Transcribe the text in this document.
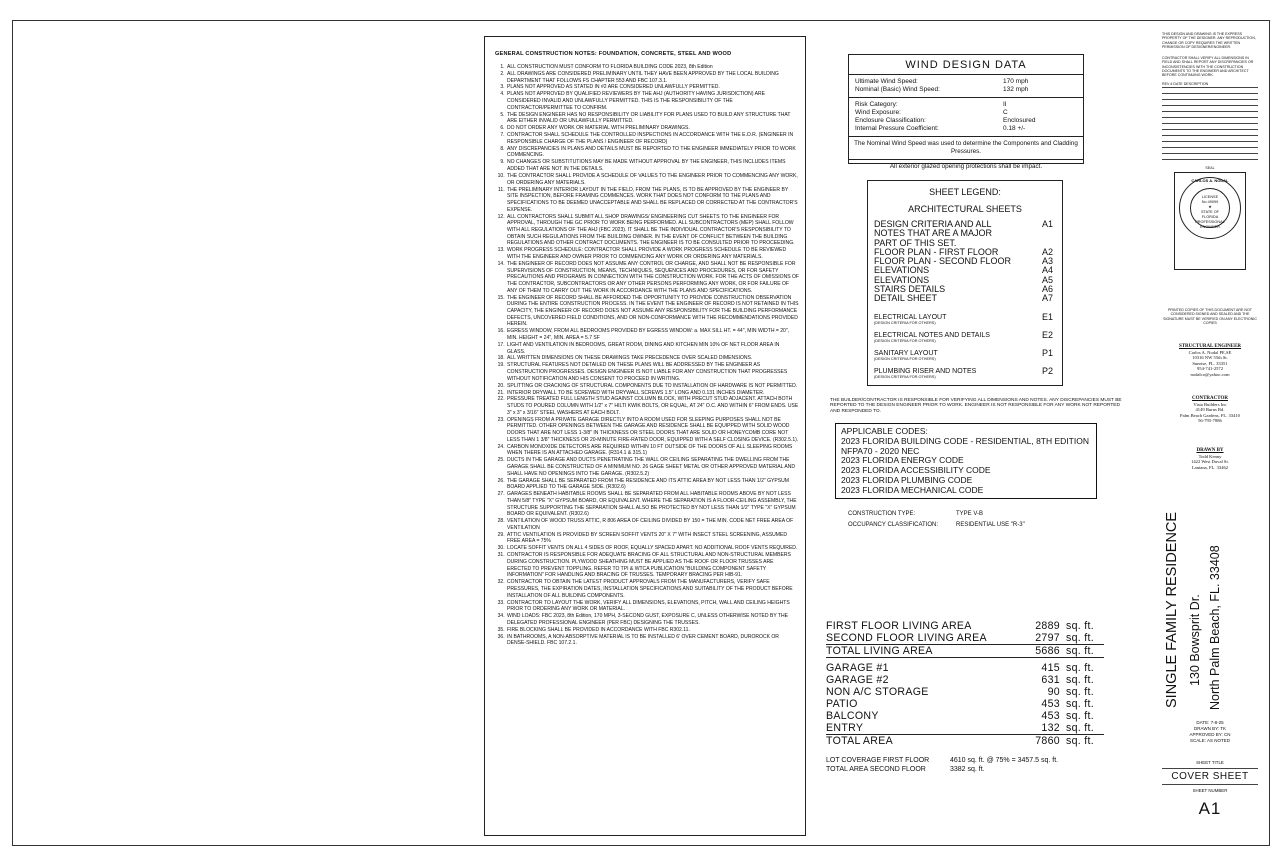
GENERAL CONSTRUCTION NOTES: FOUNDATION, CONCRETE, STEEL AND WOOD
1. ALL CONSTRUCTION MUST CONFORM TO FLORIDA BUILDING CODE 2023, 8th Edition
2. ALL DRAWINGS ARE CONSIDERED PRELIMINARY UNTIL THEY HAVE BEEN APPROVED BY THE LOCAL BUILDING DEPARTMENT THAT FOLLOWS FS CHAPTER 553 AND FBC 107.3.1.
3. PLANS NOT APPROVED AS STATED IN #2 ARE CONSIDERED UNLAWFULLY PERMITTED.
4. PLANS NOT APPROVED BY QUALIFIED REVIEWERS BY THE AHJ (AUTHORITY HAVING JURISDICTION) ARE CONSIDERED INVALID AND UNLAWFULLY PERMITTED. THIS IS THE RESPONSIBILITY OF THE CONTRACTOR/PERMITTEE TO CONFIRM.
5. THE DESIGN ENGINEER HAS NO RESPONSIBILITY OR LIABILITY FOR PLANS USED TO BUILD ANY STRUCTURE THAT ARE EITHER INVALID OR UNLAWFULLY PERMITTED.
6. DO NOT ORDER ANY WORK OR MATERIAL WITH PRELIMINARY DRAWINGS.
7. CONTRACTOR SHALL SCHEDULE THE CONTROLLED INSPECTIONS IN ACCORDANCE WITH THE E.O.R. (ENGINEER IN RESPONSIBLE CHARGE OF THE PLANS / ENGINEER OF RECORD)
8. ANY DISCREPANCIES IN PLANS AND DETAILS MUST BE REPORTED TO THE ENGINEER IMMEDIATELY PRIOR TO WORK COMMENCING.
9. NO CHANGES OR SUBSTITUTIONS MAY BE MADE WITHOUT APPROVAL BY THE ENGINEER, THIS INCLUDES ITEMS ADDED THAT ARE NOT IN THE DETAILS.
10. THE CONTRACTOR SHALL PROVIDE A SCHEDULE OF VALUES TO THE ENGINEER PRIOR TO COMMENCING ANY WORK, OR ORDERING ANY MATERIALS.
11. THE PRELIMINARY INTERIOR LAYOUT IN THE FIELD, FROM THE PLANS, IS TO BE APPROVED BY THE ENGINEER BY SITE INSPECTION, BEFORE FRAMING COMMENCES. WORK THAT DOES NOT CONFORM TO THE PLANS AND SPECIFICATIONS TO BE DEEMED UNACCEPTABLE AND SHALL BE REPLACED OR CORRECTED AT THE CONTRACTOR'S EXPENSE.
12. ALL CONTRACTORS SHALL SUBMIT ALL SHOP DRAWINGS/ ENGINEERING CUT SHEETS TO THE ENGINEER FOR APPROVAL, THROUGH THE GC PRIOR TO WORK BEING PERFORMED. ALL SUBCONTRACTORS (MEP) SHALL FOLLOW WITH ALL REGULATIONS OF THE AHJ (FBC 2023). IT SHALL BE THE INDIVIDUAL CONTRACTOR'S RESPONSIBILITY TO OBTAIN SUCH REGULATIONS FROM THE BUILDING OWNER. IN THE EVENT OF CONFLICT BETWEEN THE BUILDING REGULATIONS AND OTHER CONTRACT DOCUMENTS. THE ENGINEER IS TO BE CONSULTED PRIOR TO PROCEEDING.
13. WORK PROGRESS SCHEDULE: CONTRACTOR SHALL PROVIDE A WORK PROGRESS SCHEDULE TO BE REVIEWED WITH THE ENGINEER AND OWNER PRIOR TO COMMENCING ANY WORK OR ORDERING ANY MATERIALS.
14. THE ENGINEER OF RECORD DOES NOT ASSUME ANY CONTROL OR CHARGE, AND SHALL NOT BE RESPONSIBLE FOR SUPERVISIONS OF CONSTRUCTION, MEANS, TECHNIQUES, SEQUENCES AND PROCEDURES, OR FOR SAFETY PRECAUTIONS AND PROGRAMS IN CONNECTION WITH THE CONSTRUCTION WORK. FOR THE ACTS OF OMISSIONS OF THE CONTRACTOR, SUBCONTRACTORS OR ANY OTHER PERSONS PERFORMING ANY WORK, OR FOR FAILURE OF ANY OF THEM TO CARRY OUT THE WORK IN ACCORDANCE WITH THE PLANS AND SPECIFICATIONS.
15. THE ENGINEER OF RECORD SHALL BE AFFORDED THE OPPORTUNITY TO PROVIDE CONSTRUCTION OBSERVATION DURING THE ENTIRE CONSTRUCTION PROCESS. IN THE EVENT THE ENGINEER OF RECORD IS NOT RETAINED IN THIS CAPACITY, THE ENGINEER OF RECORD DOES NOT ASSUME ANY RESPONSIBILITY FOR THE BUILDING PERFORMANCE DEFECTS, UNCOVERED FIELD CONDITIONS, AND OR NON-CONFORMANCE WITH THE RECOMMENDATIONS PROVIDED HEREIN.
16. EGRESS WINDOW, FROM ALL BEDROOMS PROVIDED BY EGRESS WINDOW: a. MAX SILL HT. = 44", MIN WIDTH = 20", MIN. HEIGHT = 24", MIN. AREA = 5.7 SF
17. LIGHT AND VENTILATION IN BEDROOMS, GREAT ROOM, DINING AND KITCHEN MIN 10% OF NET FLOOR AREA IN GLASS.
18. ALL WRITTEN DIMENSIONS ON THESE DRAWINGS TAKE PRECEDENCE OVER SCALED DIMENSIONS.
19. STRUCTURAL FEATURES NOT DETAILED ON THESE PLANS WILL BE ADDRESSED BY THE ENGINEER AS CONSTRUCTION PROGRESSES. DESIGN ENGINEER IS NOT LIABLE FOR ANY CONSTRUCTION THAT PROGRESSES WITHOUT NOTIFICATION AND HIS CONSENT TO PROCEED IN WRITING.
20. SPLITTING OR CRACKING OF STRUCTURAL COMPONENTS DUE TO INSTALLATION OF HARDWARE IS NOT PERMITTED.
21. INTERIOR DRYWALL TO BE SCREWED WITH DRYWALL SCREWS 1.5" LONG AND 0.131 INCHES DIAMETER.
22. PRESSURE TREATED FULL LENGTH STUD AGAINST COLUMN BLOCK, WITH PRECUT STUD ADJACENT. ATTACH BOTH STUDS TO POURED COLUMN WITH 1/2" x 7" HILTI KWIK BOLTS, OR EQUAL, AT 24" O.C. AND WITHIN 6" FROM ENDS. USE 3" x 3" x 3/16" STEEL WASHERS AT EACH BOLT.
23. OPENINGS FROM A PRIVATE GARAGE DIRECTLY INTO A ROOM USED FOR SLEEPING PURPOSES SHALL NOT BE PERMITTED. OTHER OPENINGS BETWEEN THE GARAGE AND RESIDENCE SHALL BE EQUIPPED WITH SOLID WOOD DOORS THAT ARE NOT LESS 1-3/8" IN THICKNESS OR STEEL DOORS THAT ARE SOLID OR HONEYCOMB CORE NOT LESS THAN 1 3/8" THICKNESS OR 20-MINUTE FIRE-RATED DOOR, EQUIPPED WITH A SELF CLOSING DEVICE. (R302.5.1).
24. CARBON MONOXIDE DETECTORS ARE REQUIRED WITHIN 10 FT OUTSIDE OF THE DOORS OF ALL SLEEPING ROOMS WHEN THERE IS AN ATTACHED GARAGE. (R314.1 & 315.1)
25. DUCTS IN THE GARAGE AND DUCTS PENETRATING THE WALL OR CEILING SEPARATING THE DWELLING FROM THE GARAGE SHALL BE CONSTRUCTED OF A MINIMUM NO. 26 GAGE SHEET METAL OR OTHER APPROVED MATERIAL AND SHALL HAVE NO OPENINGS INTO THE GARAGE. (R302.5.2)
26. THE GARAGE SHALL BE SEPARATED FROM THE RESIDENCE AND ITS ATTIC AREA BY NOT LESS THAN 1/2" GYPSUM BOARD APPLIED TO THE GARAGE SIDE. (R302.6)
27. GARAGES BENEATH HABITABLE ROOMS SHALL BE SEPARATED FROM ALL HABITABLE ROOMS ABOVE BY NOT LESS THAN 5/8" TYPE "X" GYPSUM BOARD, OR EQUIVALENT. WHERE THE SEPARATION IS A FLOOR-CEILING ASSEMBLY, THE STRUCTURE SUPPORTING THE SEPARATION SHALL ALSO BE PROTECTED BY NOT LESS THAN 1/2" TYPE "X" GYPSUM BOARD OR EQUIVALENT. (R302.6)
28. VENTILATION OF WOOD TRUSS ATTIC, R 806 AREA OF CEILING DIVIDED BY 150 = THE MIN. CODE NET FREE AREA OF VENTILATION
29. ATTIC VENTILATION IS PROVIDED BY SCREEN SOFFIT VENTS 20" X 7" WITH INSECT STEEL SCREENING, ASSUMED FREE AREA = 75%
30. LOCATE SOFFIT VENTS ON ALL 4 SIDES OF ROOF, EQUALLY SPACED APART. NO ADDITIONAL ROOF VENTS REQUIRED.
31. CONTRACTOR IS RESPONSIBLE FOR ADEQUATE BRACING OF ALL STRUCTURAL AND NON-STRUCTURAL MEMBERS DURING CONSTRUCTION. PLYWOOD SHEATHING MUST BE APPLIED AS THE ROOF OR FLOOR TRUSSES ARE ERECTED TO PREVENT TOPPLING. REFER TO TPI & WTCA PUBLICATION "BUILDING COMPONENT SAFETY INFORMATION" FOR HANDLING AND BRACING OF TRUSSES. TEMPORARY BRACING PER HIB-91.
32. CONTRACTOR TO OBTAIN THE LATEST PRODUCT APPROVALS FROM THE MANUFACTURERS, VERIFY SAFE PRESSURES, THE EXPIRATION DATES, INSTALLATION SPECIFICATIONS AND SUITABILITY OF THE PRODUCT BEFORE INSTALLATION OF ALL BUILDING COMPONENTS.
33. CONTRACTOR TO LAYOUT THE WORK, VERIFY ALL DIMENSIONS, ELEVATIONS, PITCH, WALL AND CEILING HEIGHTS PRIOR TO ORDERING ANY WORK OR MATERIAL.
34. WIND LOADS: FBC 2023, 8th Edition, 170 MPH, 3-SECOND GUST, EXPOSURE C, UNLESS OTHERWISE NOTED BY THE DELEGATED PROFESSIONAL ENGINEER (PER FBC) DESIGNING THE TRUSSES.
35. FIRE BLOCKING SHALL BE PROVIDED IN ACCORDANCE WITH FBC R302.11.
36. IN BATHROOMS, A NON-ABSORPTIVE MATERIAL IS TO BE INSTALLED 6' OVER CEMENT BOARD, DUROROCK OR DENSE-SHIELD. FBC 107.2.1.
WIND DESIGN DATA
Ultimate Wind Speed:	170 mph
Nominal (Basic) Wind Speed:	132 mph
Risk Category:	II
Wind Exposure:	C
Enclosure Classification:	Enclosured
Internal Pressure Coefficient:	0.18 +/-
The Nominal Wind Speed was used to determine the Components and Cladding Pressures.
All exterior glazed opening protections shall be impact.
SHEET LEGEND:
ARCHITECTURAL SHEETS
DESIGN CRITERIA AND ALL NOTES THAT ARE A MAJOR PART OF THIS SET.
A1
FLOOR PLAN - FIRST FLOOR	A2
FLOOR PLAN - SECOND FLOOR	A3
ELEVATIONS	A4
ELEVATIONS	A5
STAIRS DETAILS	A6
DETAIL SHEET	A7
ELECTRICAL LAYOUT
(DESIGN CRITERIA FOR OTHERS)
E1
ELECTRICAL NOTES AND DETAILS
(DESIGN CRITERIA FOR OTHERS)
E2
SANITARY LAYOUT
(DESIGN CRITERIA FOR OTHERS)
P1
PLUMBING RISER AND NOTES
(DESIGN CRITERIA FOR OTHERS)
P2
THE BUILDER/CONTRACTOR IS RESPONSIBLE FOR VERIFYING ALL DIMENSIONS AND NOTES. ANY DISCREPANCIES MUST BE REPORTED TO THE DESIGN ENGINEER PRIOR TO WORK. ENGINEER IS NOT RESPONSIBLE FOR ANY WORK NOT REPORTED AND RESPONDED TO.
APPLICABLE CODES:
2023 FLORIDA BUILDING CODE - RESIDENTIAL, 8TH EDITION
NFPA70 - 2020 NEC
2023 FLORIDA ENERGY CODE
2023 FLORIDA ACCESSIBILITY CODE
2023 FLORIDA PLUMBING CODE
2023 FLORIDA MECHANICAL CODE
CONSTRUCTION TYPE:	TYPE V-B
OCCUPANCY CLASSIFICATION:	RESIDENTIAL USE "R-3"
FIRST FLOOR LIVING AREA	2889 sq. ft.
SECOND FLOOR LIVING AREA	2797 sq. ft.
TOTAL LIVING AREA	5686 sq. ft.
GARAGE #1	415 sq. ft.
GARAGE #2	631 sq. ft.
NON A/C STORAGE	90 sq. ft.
PATIO	453 sq. ft.
BALCONY	453 sq. ft.
ENTRY	132 sq. ft.
TOTAL AREA	7860 sq. ft.
LOT COVERAGE FIRST FLOOR	4610 sq. ft. @ 75% = 3457.5 sq. ft.
TOTAL AREA SECOND FLOOR	3382 sq. ft.
THIS DESIGN AND DRAWING IS THE EXPRESS PROPERTY OF THE DESIGNER. ANY REPRODUCTION, CHANGE OR COPY REQUIRES THE WRITTEN PERMISSION OF DESIGNER/ENGINEER.
CONTRACTOR SHALL VERIFY ALL DIMENSIONS IN FIELD AND SHALL REPORT ANY DISCREPANCIES OR INCONSISTENCIES WITH THE CONSTRUCTION DOCUMENTS TO THE ENGINEER AND ARCHITECT BEFORE CONTINUING WORK.
REV # DATE DESCRIPTION
SEAL
CARLOS A. NODAL
LICENSE
No 49099
★
STATE OF
FLORIDA
PROFESSIONAL ENGINEER
PRINTED COPIES OF THIS DOCUMENT ARE NOT CONSIDERED SIGNED AND SEALED AND THE SIGNATURE MUST BE VERIFIED ON ANY ELECTRONIC COPIES
STRUCTURAL ENGINEER
Carlos A. Nodal PE,SE
10316 NW 55th St.
Sunrise, FL. 33351
954-741-2572
nodalco@yahoo.com
CONTRACTOR
Vista Builders Inc
4149 Burns Rd.
Palm Beach Gardens, FL. 33410
56-795-7886
DRAWN BY
Todd Kenny
1422 West Duval St.
Lantana, FL. 33462
SINGLE FAMILY RESIDENCE 130 Bowsprit Dr. North Palm Beach, FL. 33408
DATE: 7-8-25
DRAWN BY: TK
APPROVED BY: CN
SCALE: AS NOTED
SHEET TITLE
COVER SHEET
SHEET NUMBER
A1
